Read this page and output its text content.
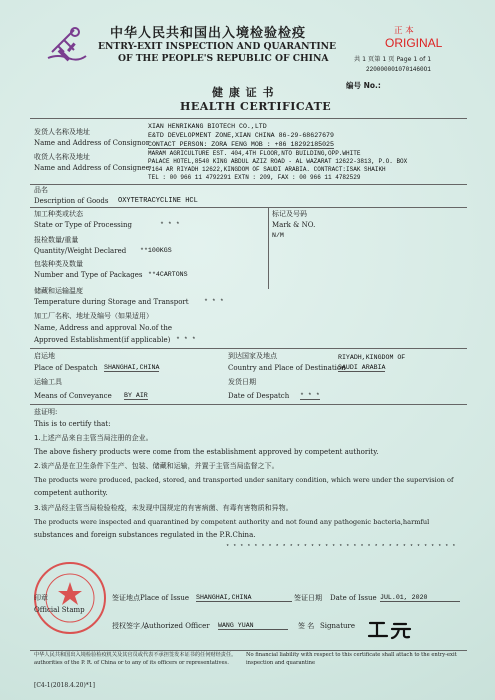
中华人民共和国出入境检验检疫
ENTRY-EXIT INSPECTION AND QUARANTINE
OF THE PEOPLE'S REPUBLIC OF CHINA
正 本
ORIGINAL
共 1 页第 1 页 Page 1 of 1
2200000010701460O1
编号 No.:
健 康 证 书
HEALTH CERTIFICATE
发货人名称及地址
Name and Address of Consignor
XIAN HENRIKANG BIOTECH CO.,LTD
E&TD DEVELOPMENT ZONE,XIAN CHINA 86-29-68627679
CONTACT PERSON: ZORA FENG MOB : +86 18292185025
收货人名称及地址
Name and Address of Consignee
MARAM AGRICULTURE EST. 404,4TH FLOOR,NTO BUILDING,OPP.WHITE
PALACE HOTEL,8540 KING ABDUL AZIZ ROAD - AL WAZARAT 12622-3813, P.O. BOX
7164 AR RIYADH 12622,KINGDOM OF SAUDI ARABIA. CONTRACT:ISAK SHAIKH
TEL : 00 966 11 4792291 EXTN : 209, FAX : 00 966 11 4782529
品名
Description of Goods OXYTETRACYCLINE HCL
加工种类或状态
State or Type of Processing	* * *
标记及号码
Mark & NO.
N/M
报检数量/重量
Quantity/Weight Declared **100KGS
包装种类及数量
Number and Type of Packages **4CARTONS
储藏和运输温度
Temperature during Storage and Transport * * *
加工厂名称、地址及编号（如果适用）
Name, Address and approval No.of the
Approved Establishment(if applicable) * * *
启运地
Place of Despatch SHANGHAI,CHINA
到达国家及地点
Country and Place of Destination
RIYADH,KINGDOM OF
SAUDI ARABIA
运输工具
Means of Conveyance BY AIR
发货日期
Date of Despatch * * *
兹证明:
This is to certify that:
1.上述产品来自主管当局注册的企业。
The above fishery products were come from the establishment approved by competent authority.
2.该产品是在卫生条件下生产、包装、储藏和运输，并置于主管当局监督之下。
The products were produced, packed, stored, and transported under sanitary condition, which were under the supervision of
competent authority.
3.该产品经主管当局检验检疫，未发现中国规定的有害病菌、有毒有害物质和异物。
The products were inspected and quarantined by competent authority and not found any pathogenic bacteria,harmful
substances and foreign substances regulated in the P.R.China.
* * * * * * * * * * * * * * * * * * * * * * * * * * * * * * * * *
印章
Official Stamp
签证地点 Place of Issue SHANGHAI,CHINA	签证日期 Date of Issue JUL.01, 2020
授权签字人
Authorized Officer WANG YUAN	签 名 Signature
中华人民共和国出入境检验检疫机关及其官员或代表不承担签发本证书的任何财经责任。	No financial liability with respect to this certificate shall attach to the entry-exit inspection and quarantine
authorities of the P. R. of China or to any of its officers or representatives.
[C4-1(2018.4.20)*1]
